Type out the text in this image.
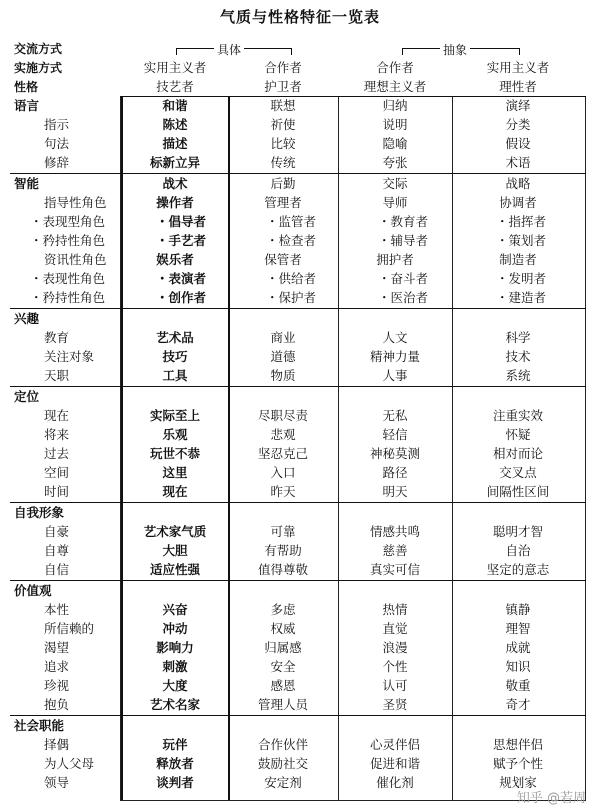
气质与性格特征一览表
具体	抽象
交流方式
实施方式	实用主义者	合作者	合作者	实用主义者
性格	技艺者	护卫者	理想主义者	理性者
语言	和谐	联想	归纳	演绎
指示	陈述	祈使	说明	分类
句法	描述	比较	隐喻	假设
修辞	标新立异	传统	夸张	术语
智能	战术	后勤	交际	战略
指导性角色	操作者	管理者	导师	协调者
・表现型角色	・倡导者	・监管者	・教育者	・指挥者
・矜持性角色	・手艺者	・检查者	・辅导者	・策划者
资讯性角色	娱乐者	保管者	拥护者	制造者
・表现性角色	・表演者	・供给者	・奋斗者	・发明者
・矜持性角色	・创作者	・保护者	・医治者	・建造者
兴趣
教育	艺术品	商业	人文	科学
关注对象	技巧	道德	精神力量	技术
天职	工具	物质	人事	系统
定位
现在	实际至上	尽职尽责	无私	注重实效
将来	乐观	悲观	轻信	怀疑
过去	玩世不恭	坚忍克己	神秘莫测	相对而论
空间	这里	入口	路径	交叉点
时间	现在	昨天	明天	间隔性区间
自我形象
自豪	艺术家气质	可靠	情感共鸣	聪明才智
自尊	大胆	有帮助	慈善	自治
自信	适应性强	值得尊敬	真实可信	坚定的意志
价值观
本性	兴奋	多虑	热情	镇静
所信赖的	冲动	权威	直觉	理智
渴望	影响力	归属感	浪漫	成就
追求	刺激	安全	个性	知识
珍视	大度	感恩	认可	敬重
抱负	艺术名家	管理人员	圣贤	奇才
社会职能
择偶	玩伴	合作伙伴	心灵伴侣	思想伴侣
为人父母	释放者	鼓励社交	促进和谐	赋予个性
领导	谈判者	安定剂	催化剂	规划家
知乎 @若周
